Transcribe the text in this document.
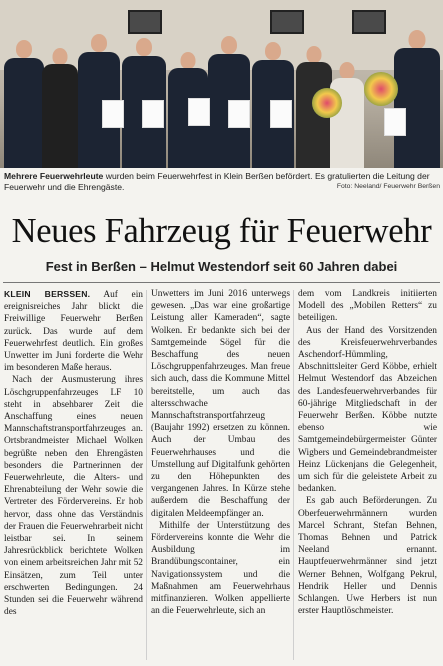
Mehrere Feuerwehrleute wurden beim Feuerwehrfest in Klein Berßen befördert. Es gratulierten die Leitung der Feuerwehr und die Ehrengäste.	Foto: Neeland/ Feuerwehr Berßen
Neues Fahrzeug für Feuerwehr
Fest in Berßen – Helmut Westendorf seit 60 Jahren dabei

KLEIN BERSSEN. Auf ein ereignisreiches Jahr blickt die Freiwillige Feuerwehr Berßen zurück. Das wurde auf dem Feuerwehrfest deutlich. Ein großes Unwetter im Juni forderte die Wehr im besonderen Maße heraus.

Nach der Ausmusterung ihres Löschgruppenfahrzeuges LF 10 steht in absehbarer Zeit die Anschaffung eines neuen Mannschaftstransportfahrzeuges an. Ortsbrandmeister Michael Wolken begrüßte neben den Ehrengästen besonders die Partnerinnen der Feuerwehrleute, die Alters- und Ehrenabteilung der Wehr sowie die Vertreter des Fördervereins. Er hob hervor, dass ohne das Verständnis der Frauen die Feuerwehrarbeit nicht leistbar sei. In seinem Jahresrückblick berichtete Wolken von einem arbeitsreichen Jahr mit 52 Einsätzen, zum Teil unter erschwerten Bedingungen. 24 Stunden sei die Feuerwehr während des

Unwetters im Juni 2016 unterwegs gewesen. „Das war eine großartige Leistung aller Kameraden“, sagte Wolken. Er bedankte sich bei der Samtgemeinde Sögel für die Beschaffung des neuen Löschgruppenfahrzeuges. Man freue sich auch, dass die Kommune Mittel bereitstelle, um auch das altersschwache Mannschaftstransportfahrzeug (Baujahr 1992) ersetzen zu können. Auch der Umbau des Feuerwehrhauses und die Umstellung auf Digitalfunk gehörten zu den Höhepunkten des vergangenen Jahres. In Kürze stehe außerdem die Beschaffung der digitalen Meldeempfänger an.

Mithilfe der Unterstützung des Fördervereins konnte die Wehr die Ausbildung im Brandübungscontainer, ein Navigationssystem und die Maßnahmen am Feuerwehrhaus mitfinanzieren. Wolken appellierte an die Feuerwehrleute, sich an

dem vom Landkreis initiierten Modell des „Mobilen Retters“ zu beteiligen.

Aus der Hand des Vorsitzenden des Kreisfeuerwehrverbandes Aschendorf-Hümmling, Abschnittsleiter Gerd Köbbe, erhielt Helmut Westendorf das Abzeichen des Landesfeuerwehrverbandes für 60-jährige Mitgliedschaft in der Feuerwehr Berßen. Köbbe nutzte ebenso wie Samtgemeindebürgermeister Günter Wigbers und Gemeindebrandmeister Heinz Lückenjans die Gelegenheit, um sich für die geleistete Arbeit zu bedanken.

Es gab auch Beförderungen. Zu Oberfeuerwehrmännern wurden Marcel Schrant, Stefan Behnen, Thomas Behnen und Patrick Neeland ernannt. Hauptfeuerwehrmänner sind jetzt Werner Behnen, Wolfgang Pekrul, Hendrik Heller und Dennis Schlangen. Uwe Herbers ist nun erster Hauptlöschmeister.
